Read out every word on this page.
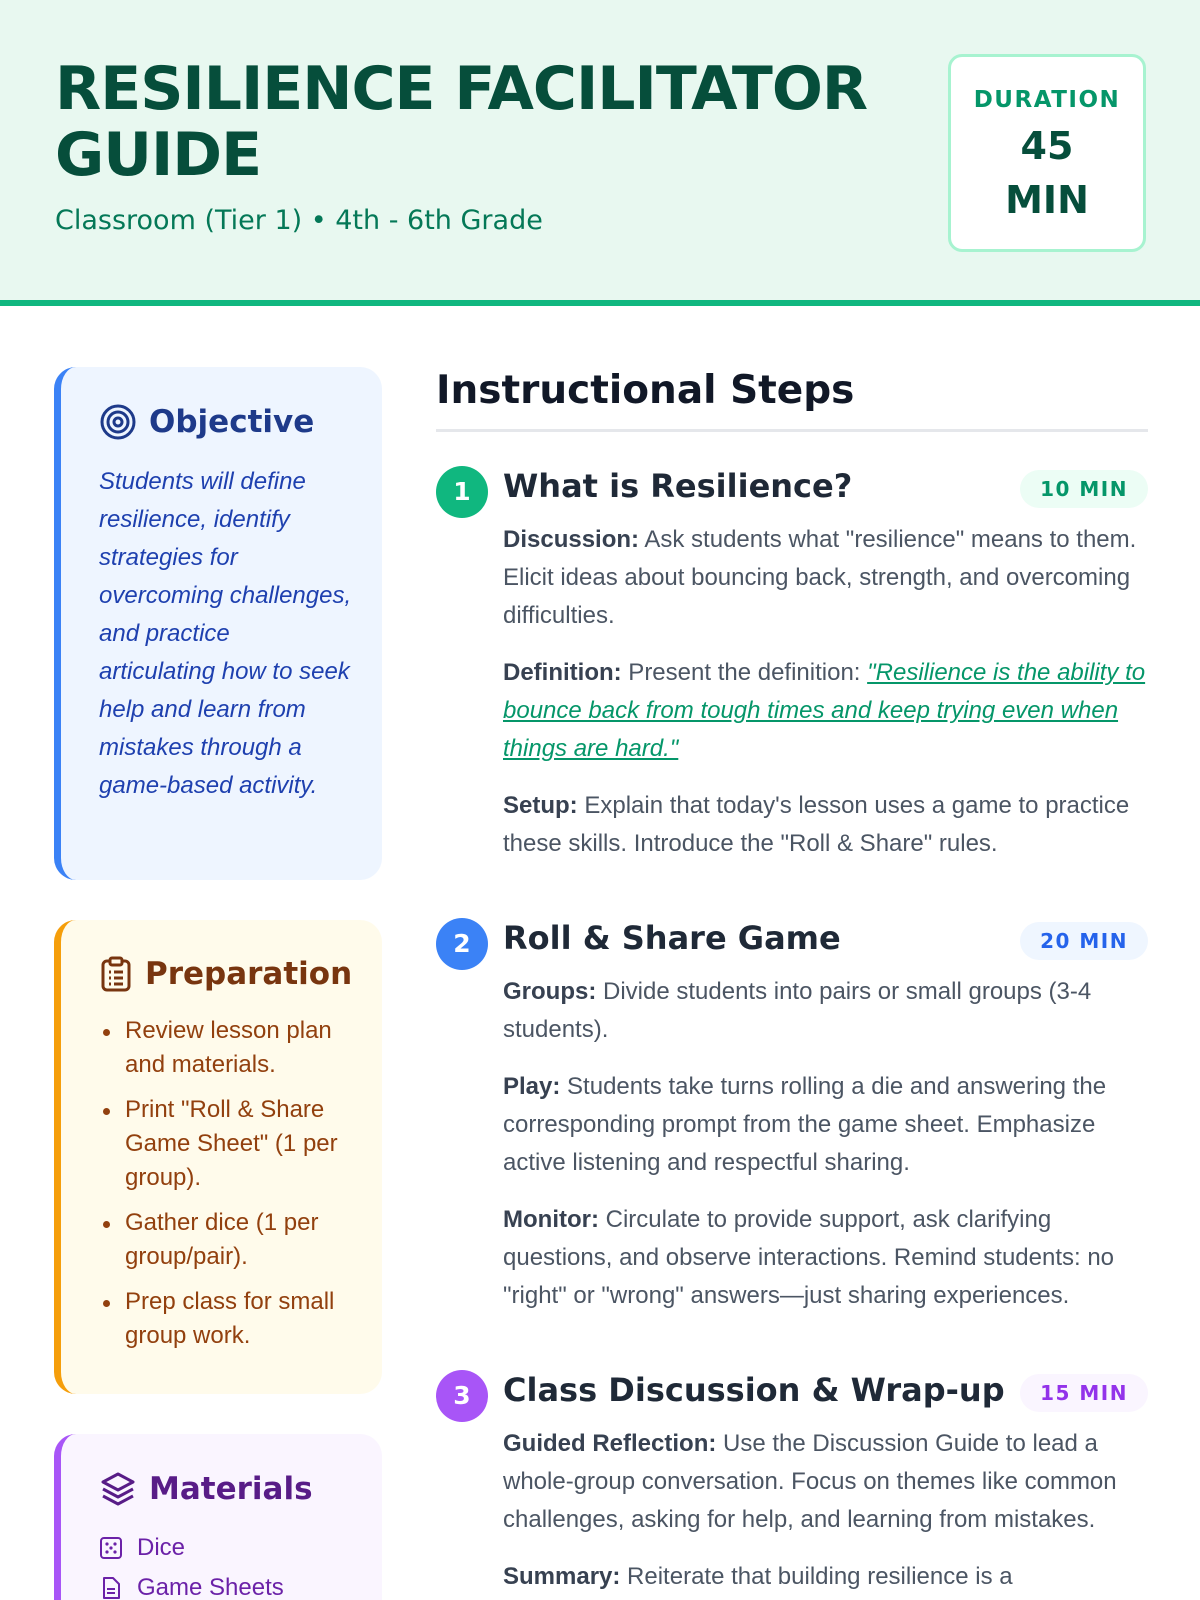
RESILIENCE FACILITATOR GUIDE
Classroom (Tier 1) • 4th - 6th Grade
DURATION
45 MIN
Objective

Students will define resilience, identify strategies for overcoming challenges, and practice articulating how to seek help and learn from mistakes through a game-based activity.

Preparation
Review lesson plan and materials.
Print "Roll & Share Game Sheet" (1 per group).
Gather dice (1 per group/pair).
Prep class for small group work.
Materials
Dice
Game Sheets
Instructional Steps
1	What is Resilience?	10 MIN

Discussion: Ask students what "resilience" means to them. Elicit ideas about bouncing back, strength, and overcoming difficulties.

Definition: Present the definition: "Resilience is the ability to bounce back from tough times and keep trying even when things are hard."

Setup: Explain that today's lesson uses a game to practice these skills. Introduce the "Roll & Share" rules.

2	Roll & Share Game	20 MIN

Groups: Divide students into pairs or small groups (3-4 students).

Play: Students take turns rolling a die and answering the corresponding prompt from the game sheet. Emphasize active listening and respectful sharing.

Monitor: Circulate to provide support, ask clarifying questions, and observe interactions. Remind students: no "right" or "wrong" answers—just sharing experiences.

3	Class Discussion & Wrap-up	15 MIN

Guided Reflection: Use the Discussion Guide to lead a whole-group conversation. Focus on themes like common challenges, asking for help, and learning from mistakes.

Summary: Reiterate that building resilience is a
